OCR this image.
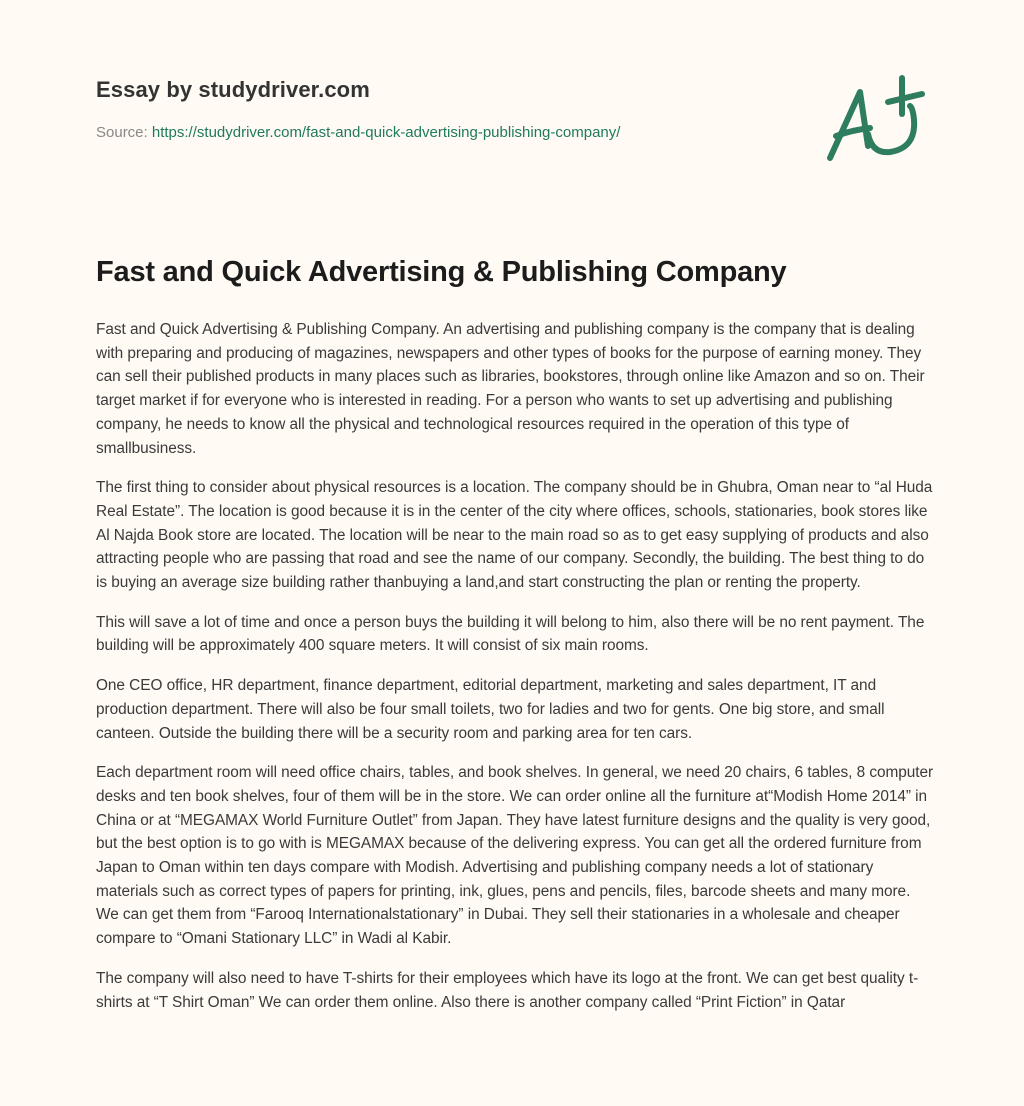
Essay by studydriver.com
Source: https://studydriver.com/fast-and-quick-advertising-publishing-company/
Fast and Quick Advertising & Publishing Company

Fast and Quick Advertising & Publishing Company. An advertising and publishing company is the company that is dealing with preparing and producing of magazines, newspapers and other types of books for the purpose of earning money. They can sell their published products in many places such as libraries, bookstores, through online like Amazon and so on. Their target market if for everyone who is interested in reading. For a person who wants to set up advertising and publishing company, he needs to know all the physical and technological resources required in the operation of this type of smallbusiness.

The first thing to consider about physical resources is a location. The company should be in Ghubra, Oman near to “al Huda Real Estate”. The location is good because it is in the center of the city where offices, schools, stationaries, book stores like Al Najda Book store are located. The location will be near to the main road so as to get easy supplying of products and also attracting people who are passing that road and see the name of our company. Secondly, the building. The best thing to do is buying an average size building rather thanbuying a land,and start constructing the plan or renting the property.

This will save a lot of time and once a person buys the building it will belong to him, also there will be no rent payment. The building will be approximately 400 square meters. It will consist of six main rooms.

One CEO office, HR department, finance department, editorial department, marketing and sales department, IT and production department. There will also be four small toilets, two for ladies and two for gents. One big store, and small canteen. Outside the building there will be a security room and parking area for ten cars.

Each department room will need office chairs, tables, and book shelves. In general, we need 20 chairs, 6 tables, 8 computer desks and ten book shelves, four of them will be in the store. We can order online all the furniture at“Modish Home 2014” in China or at “MEGAMAX World Furniture Outlet” from Japan. They have latest furniture designs and the quality is very good, but the best option is to go with is MEGAMAX because of the delivering express. You can get all the ordered furniture from Japan to Oman within ten days compare with Modish. Advertising and publishing company needs a lot of stationary materials such as correct types of papers for printing, ink, glues, pens and pencils, files, barcode sheets and many more. We can get them from “Farooq Internationalstationary” in Dubai. They sell their stationaries in a wholesale and cheaper compare to “Omani Stationary LLC” in Wadi al Kabir.

The company will also need to have T-shirts for their employees which have its logo at the front. We can get best quality t-shirts at “T Shirt Oman” We can order them online. Also there is another company called “Print Fiction” in Qatar
